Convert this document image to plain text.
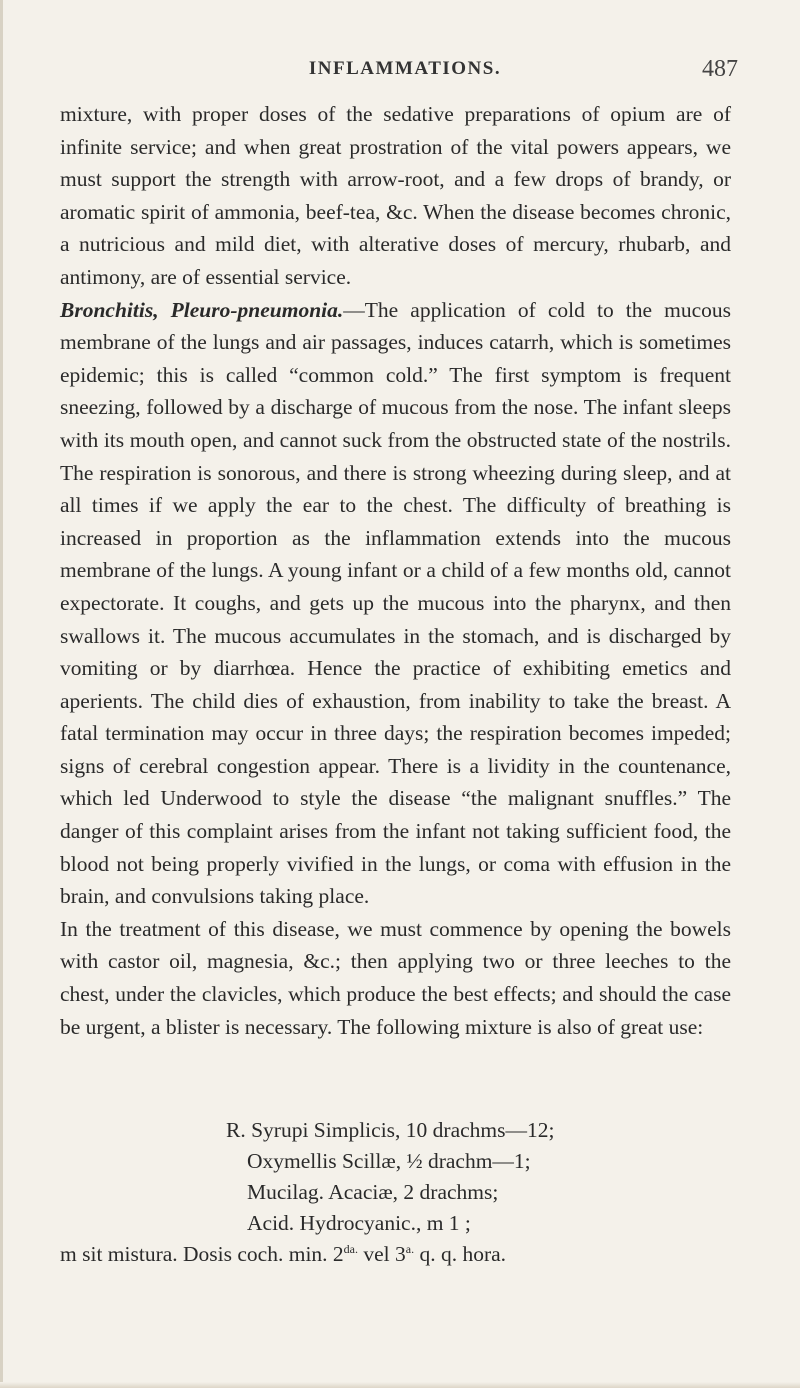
INFLAMMATIONS.	487

mixture, with proper doses of the sedative preparations of opium are of infinite service; and when great prostration of the vital powers appears, we must support the strength with arrow-root, and a few drops of brandy, or aromatic spirit of ammonia, beef-tea, &c. When the disease becomes chronic, a nutricious and mild diet, with alterative doses of mercury, rhubarb, and antimony, are of essential service.

Bronchitis, Pleuro-pneumonia.—The application of cold to the mucous membrane of the lungs and air passages, induces catarrh, which is sometimes epidemic; this is called “common cold.” The first symptom is frequent sneezing, followed by a discharge of mucous from the nose. The infant sleeps with its mouth open, and cannot suck from the obstructed state of the nostrils. The respiration is sonorous, and there is strong wheezing during sleep, and at all times if we apply the ear to the chest. The difficulty of breathing is increased in proportion as the inflammation extends into the mucous membrane of the lungs. A young infant or a child of a few months old, cannot expectorate. It coughs, and gets up the mucous into the pharynx, and then swallows it. The mucous accumulates in the stomach, and is discharged by vomiting or by diarrhœa. Hence the practice of exhibiting emetics and aperients. The child dies of exhaustion, from inability to take the breast. A fatal termination may occur in three days; the respiration becomes impeded; signs of cerebral congestion appear. There is a lividity in the countenance, which led Underwood to style the disease “the malignant snuffles.” The danger of this complaint arises from the infant not taking sufficient food, the blood not being properly vivified in the lungs, or coma with effusion in the brain, and convulsions taking place.

In the treatment of this disease, we must commence by opening the bowels with castor oil, magnesia, &c.; then applying two or three leeches to the chest, under the clavicles, which produce the best effects; and should the case be urgent, a blister is necessary. The following mixture is also of great use:

R. Syrupi Simplicis, 10 drachms—12;
Oxymellis Scillæ, ½ drachm—1;
Mucilag. Acaciæ, 2 drachms;
Acid. Hydrocyanic., m 1 ;
m sit mistura. Dosis coch. min. $2^{da.}$ vel $3^{a.}$ q. q. hora.
